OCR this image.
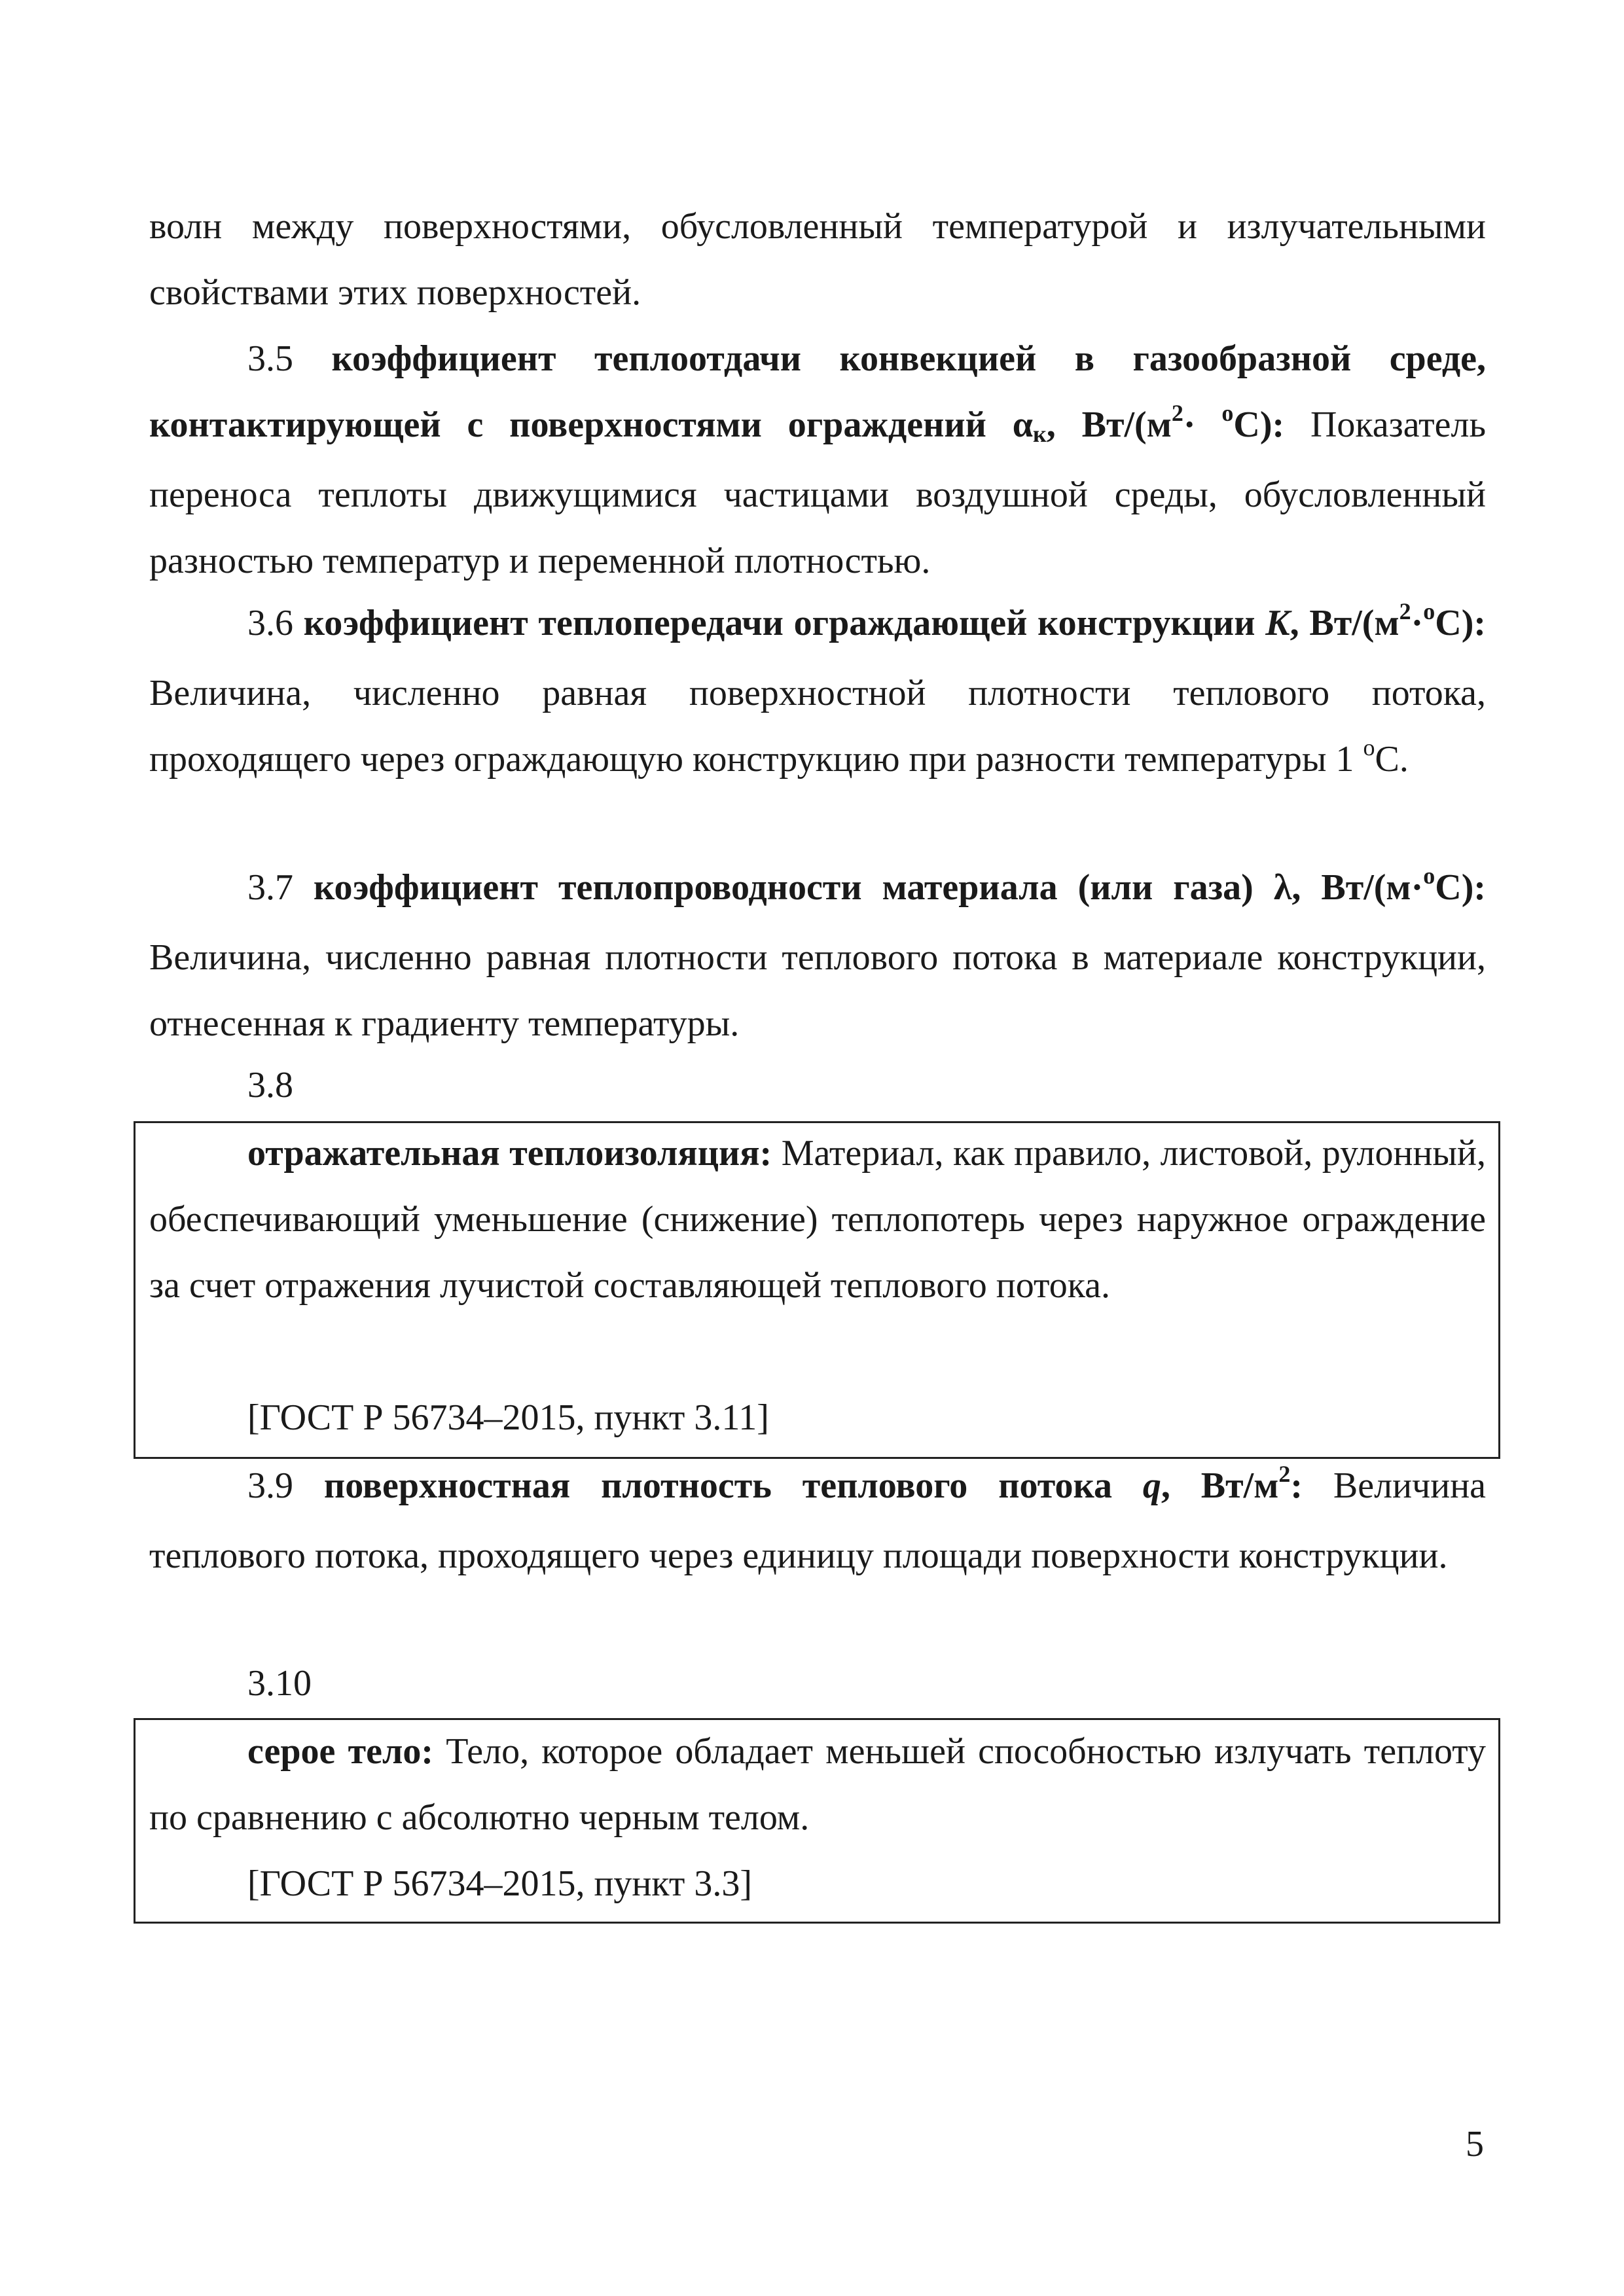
волн между поверхностями, обусловленный температурой и излучательными свойствами этих поверхностей.

3.5 коэффициент теплоотдачи конвекцией в газообразной среде, контактирующей с поверхностями ограждений $\alpha_к$, $Вт/(м^2\cdot ^oС)$: Показатель переноса теплоты движущимися частицами воздушной среды, обусловленный разностью температур и переменной плотностью.

3.6 коэффициент теплопередачи ограждающей конструкции K, $Вт/(м^2\cdot^oС)$: Величина, численно равная поверхностной плотности теплового потока, проходящего через ограждающую конструкцию при разности температуры 1 $^o$С.

3.7 коэффициент теплопроводности материала (или газа) λ, Вт/(м·$^o$С): Величина, численно равная плотности теплового потока в материале конструкции, отнесенная к градиенту температуры.

3.8

отражательная теплоизоляция: Материал, как правило, листовой, рулонный, обеспечивающий уменьшение (снижение) теплопотерь через наружное ограждение за счет отражения лучистой составляющей теплового потока.

[ГОСТ Р 56734–2015, пункт 3.11]

3.9 поверхностная плотность теплового потока q, $Вт/м^2$: Величина теплового потока, проходящего через единицу площади поверхности конструкции.

3.10

серое тело: Тело, которое обладает меньшей способностью излучать теплоту по сравнению с абсолютно черным телом.

[ГОСТ Р 56734–2015, пункт 3.3]

5
